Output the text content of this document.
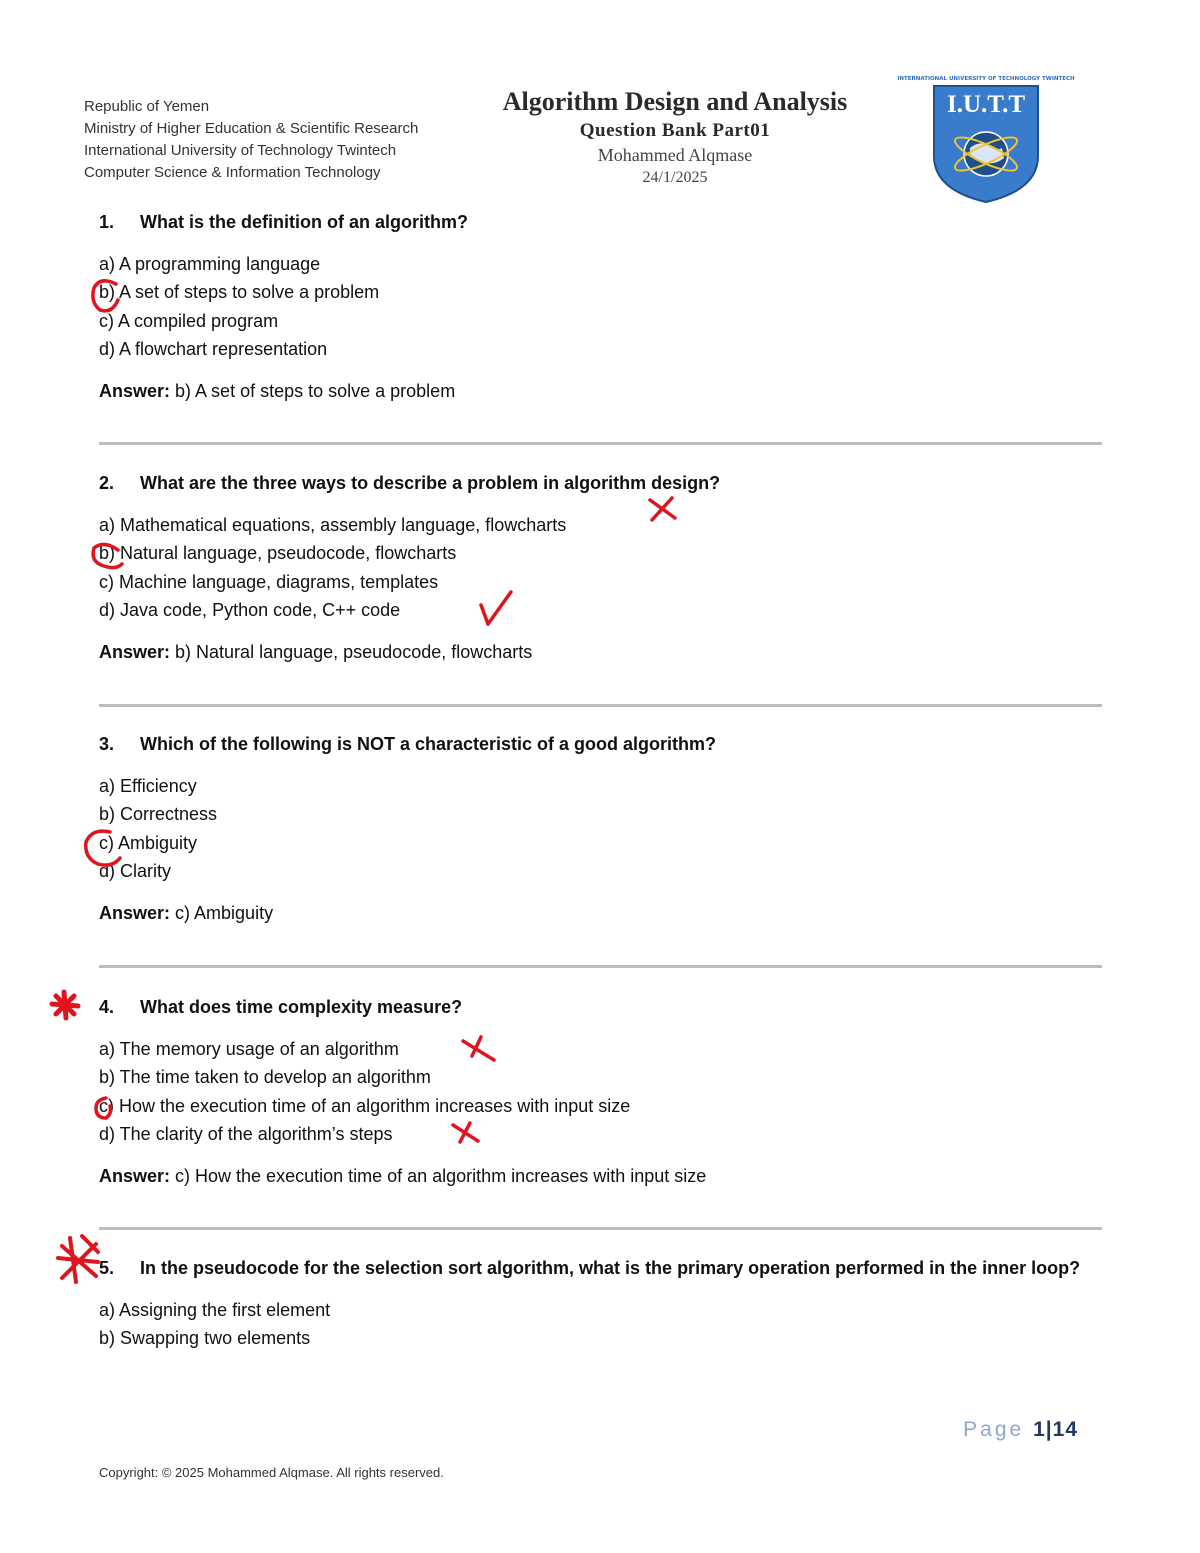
Republic of Yemen
Ministry of Higher Education & Scientific Research
International University of Technology Twintech
Computer Science & Information Technology
Algorithm Design and Analysis
Question Bank Part01
Mohammed Alqmase
24/1/2025
INTERNATIONAL UNIVERSITY OF TECHNOLOGY TWINTECH
I.U.T.T
1.	What is the definition of an algorithm?
a) A programming language
b) A set of steps to solve a problem
c) A compiled program
d) A flowchart representation
Answer: b) A set of steps to solve a problem
2.	What are the three ways to describe a problem in algorithm design?
a) Mathematical equations, assembly language, flowcharts
b) Natural language, pseudocode, flowcharts
c) Machine language, diagrams, templates
d) Java code, Python code, C++ code
Answer: b) Natural language, pseudocode, flowcharts
3.	Which of the following is NOT a characteristic of a good algorithm?
a) Efficiency
b) Correctness
c) Ambiguity
d) Clarity
Answer: c) Ambiguity
4.	What does time complexity measure?
a) The memory usage of an algorithm
b) The time taken to develop an algorithm
c) How the execution time of an algorithm increases with input size
d) The clarity of the algorithm’s steps
Answer: c) How the execution time of an algorithm increases with input size
5.	In the pseudocode for the selection sort algorithm, what is the primary operation performed in the inner loop?
a) Assigning the first element
b) Swapping two elements
Page 1|14
Copyright: © 2025 Mohammed Alqmase. All rights reserved.
